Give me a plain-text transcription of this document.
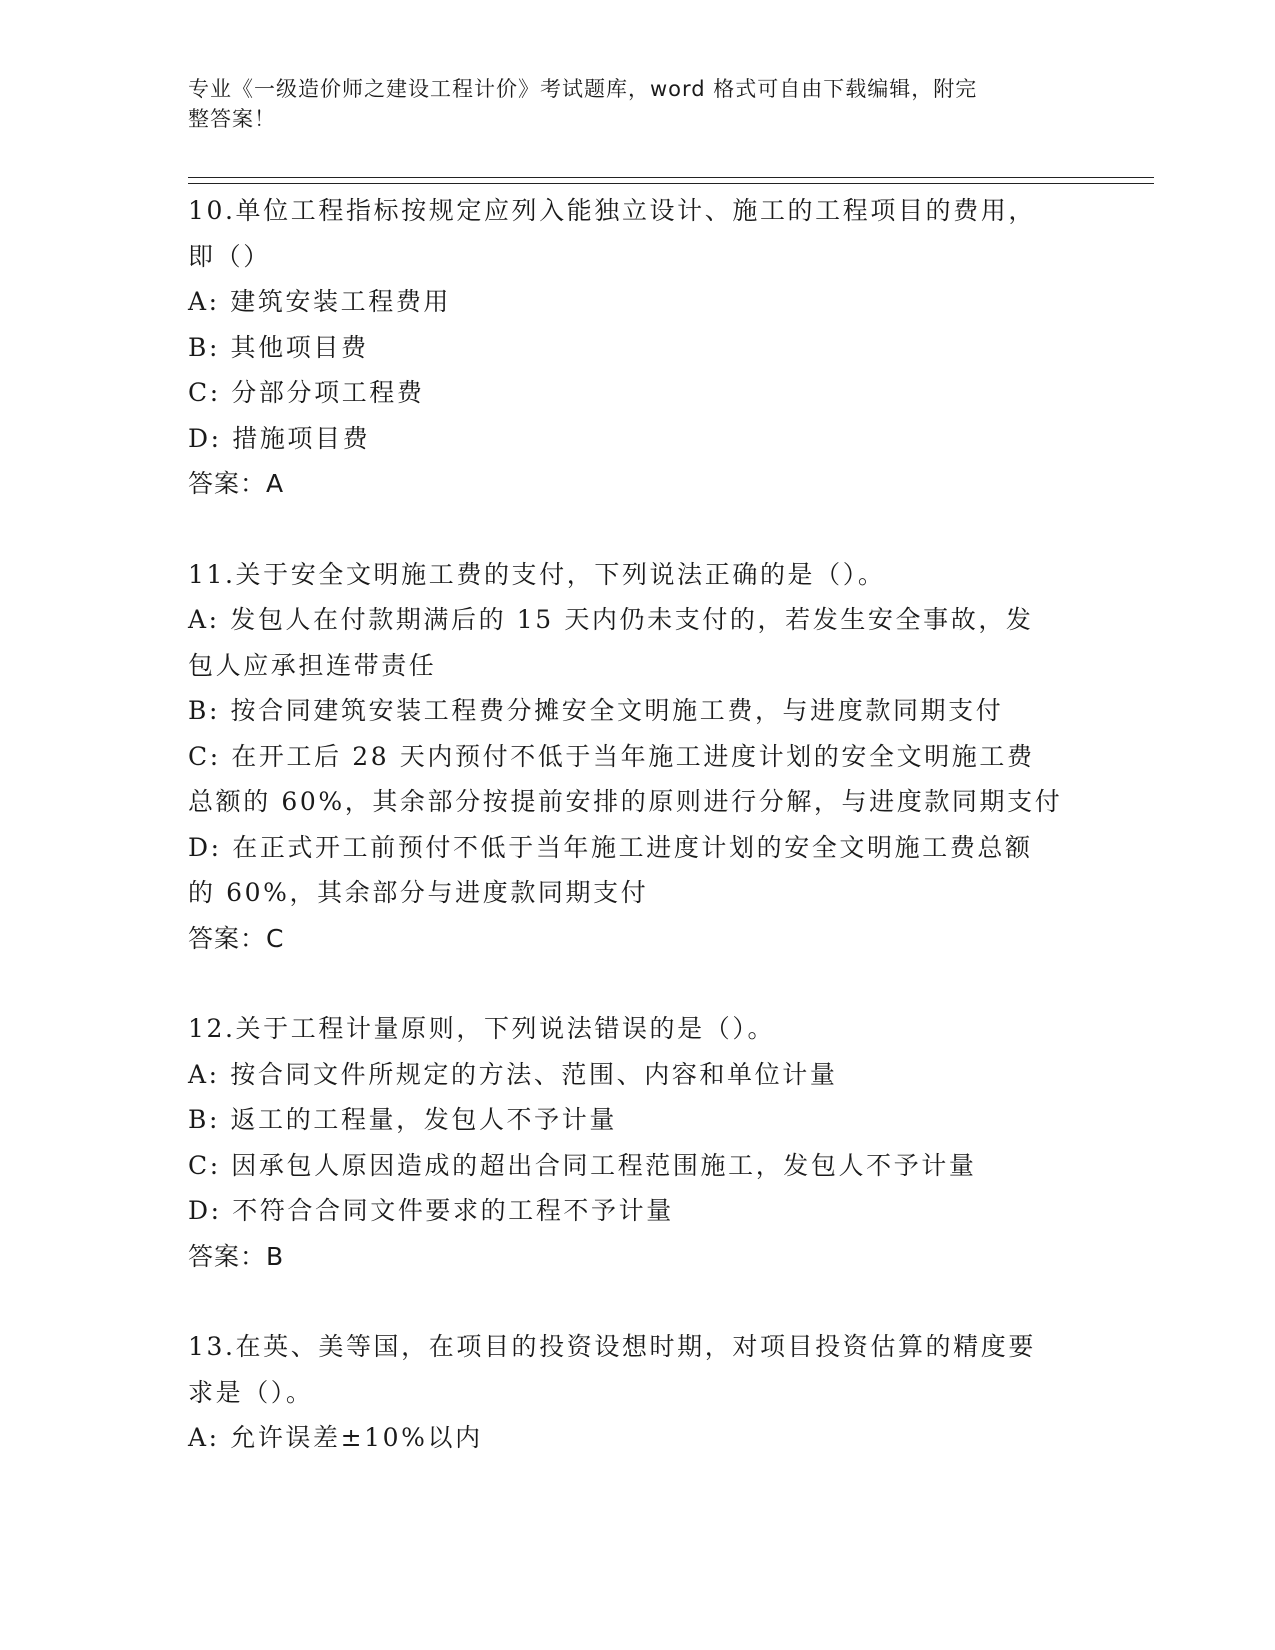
专业《一级造价师之建设工程计价》考试题库，word 格式可自由下载编辑，附完
整答案！
10.单位工程指标按规定应列入能独立设计、施工的工程项目的费用，
即（）
A: 建筑安装工程费用
B: 其他项目费
C: 分部分项工程费
D: 措施项目费
答案：A
11.关于安全文明施工费的支付，下列说法正确的是（）。
A: 发包人在付款期满后的 15 天内仍未支付的，若发生安全事故，发
包人应承担连带责任
B: 按合同建筑安装工程费分摊安全文明施工费，与进度款同期支付
C: 在开工后 28 天内预付不低于当年施工进度计划的安全文明施工费
总额的 60%，其余部分按提前安排的原则进行分解，与进度款同期支付
D: 在正式开工前预付不低于当年施工进度计划的安全文明施工费总额
的 60%，其余部分与进度款同期支付
答案：C
12.关于工程计量原则，下列说法错误的是（）。
A: 按合同文件所规定的方法、范围、内容和单位计量
B: 返工的工程量，发包人不予计量
C: 因承包人原因造成的超出合同工程范围施工，发包人不予计量
D: 不符合合同文件要求的工程不予计量
答案：B
13.在英、美等国，在项目的投资设想时期，对项目投资估算的精度要
求是（）。
A: 允许误差±10%以内
